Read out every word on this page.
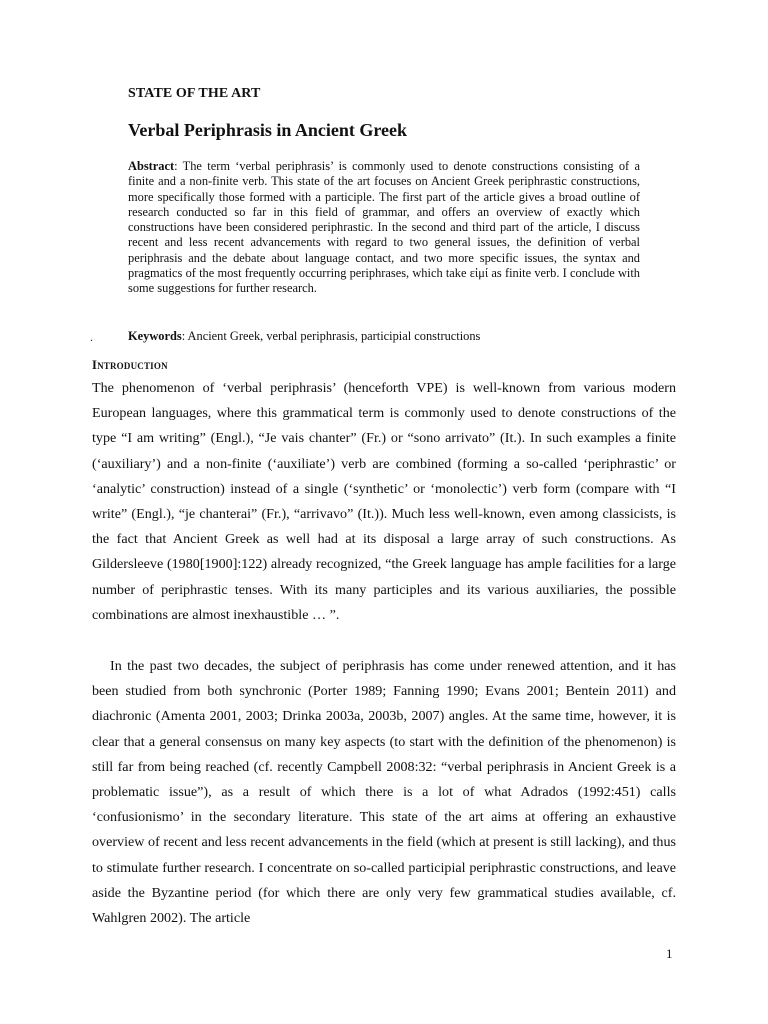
STATE OF THE ART
Verbal Periphrasis in Ancient Greek

Abstract: The term ‘verbal periphrasis’ is commonly used to denote constructions consisting of a finite and a non-finite verb. This state of the art focuses on Ancient Greek periphrastic constructions, more specifically those formed with a participle. The first part of the article gives a broad outline of research conducted so far in this field of grammar, and offers an overview of exactly which constructions have been considered periphrastic. In the second and third part of the article, I discuss recent and less recent advancements with regard to two general issues, the definition of verbal periphrasis and the debate about language contact, and two more specific issues, the syntax and pragmatics of the most frequently occurring periphrases, which take εἰμί as finite verb. I conclude with some suggestions for further research.

.	Keywords: Ancient Greek, verbal periphrasis, participial constructions
Introduction

The phenomenon of ‘verbal periphrasis’ (henceforth VPE) is well-known from various modern European languages, where this grammatical term is commonly used to denote constructions of the type “I am writing” (Engl.), “Je vais chanter” (Fr.) or “sono arrivato” (It.). In such examples a finite (‘auxiliary’) and a non-finite (‘auxiliate’) verb are combined (forming a so-called ‘periphrastic’ or ‘analytic’ construction) instead of a single (‘synthetic’ or ‘monolectic’) verb form (compare with “I write” (Engl.), “je chanterai” (Fr.), “arrivavo” (It.)). Much less well-known, even among classicists, is the fact that Ancient Greek as well had at its disposal a large array of such constructions. As Gildersleeve (1980[1900]:122) already recognized, “the Greek language has ample facilities for a large number of periphrastic tenses. With its many participles and its various auxiliaries, the possible combinations are almost inexhaustible … ”.

In the past two decades, the subject of periphrasis has come under renewed attention, and it has been studied from both synchronic (Porter 1989; Fanning 1990; Evans 2001; Bentein 2011) and diachronic (Amenta 2001, 2003; Drinka 2003a, 2003b, 2007) angles. At the same time, however, it is clear that a general consensus on many key aspects (to start with the definition of the phenomenon) is still far from being reached (cf. recently Campbell 2008:32: “verbal periphrasis in Ancient Greek is a problematic issue”), as a result of which there is a lot of what Adrados (1992:451) calls ‘confusionismo’ in the secondary literature. This state of the art aims at offering an exhaustive overview of recent and less recent advancements in the field (which at present is still lacking), and thus to stimulate further research. I concentrate on so-called participial periphrastic constructions, and leave aside the Byzantine period (for which there are only very few grammatical studies available, cf. Wahlgren 2002). The article

1
